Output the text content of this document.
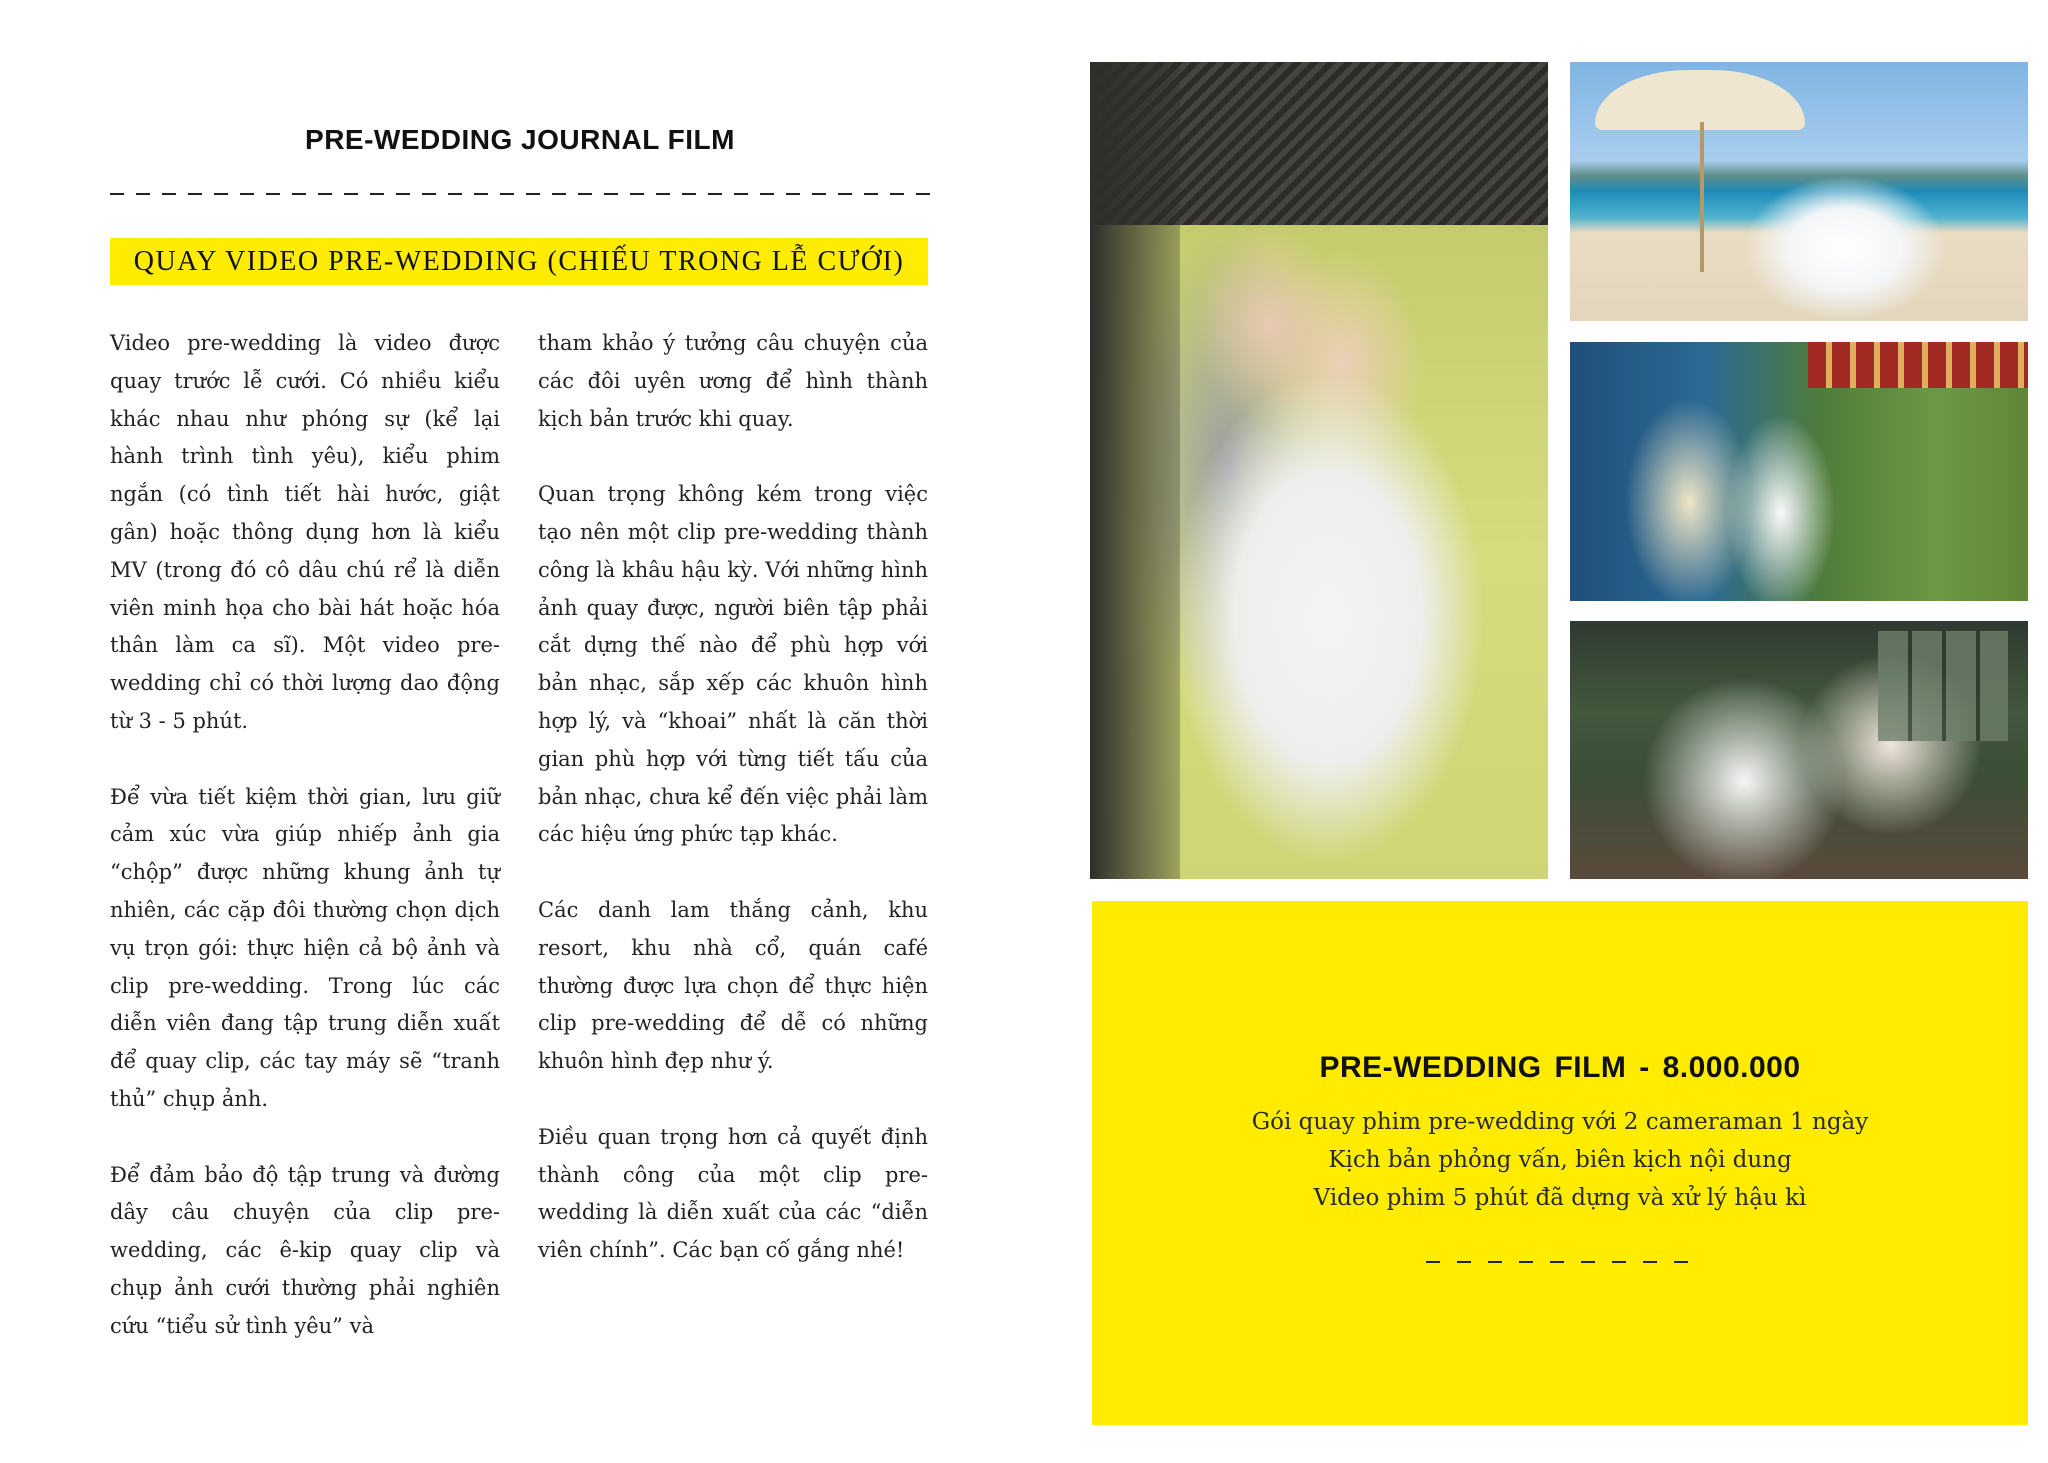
PRE-WEDDING JOURNAL FILM
QUAY VIDEO PRE-WEDDING (CHIẾU TRONG LỄ CƯỚI)

Video pre-wedding là video được quay trước lễ cưới. Có nhiều kiểu khác nhau như phóng sự (kể lại hành trình tình yêu), kiểu phim ngắn (có tình tiết hài hước, giật gân) hoặc thông dụng hơn là kiểu MV (trong đó cô dâu chú rể là diễn viên minh họa cho bài hát hoặc hóa thân làm ca sĩ). Một video pre-wedding chỉ có thời lượng dao động từ 3 - 5 phút.

Để vừa tiết kiệm thời gian, lưu giữ cảm xúc vừa giúp nhiếp ảnh gia “chộp” được những khung ảnh tự nhiên, các cặp đôi thường chọn dịch vụ trọn gói: thực hiện cả bộ ảnh và clip pre-wedding. Trong lúc các diễn viên đang tập trung diễn xuất để quay clip, các tay máy sẽ “tranh thủ” chụp ảnh.

Để đảm bảo độ tập trung và đường dây câu chuyện của clip pre-wedding, các ê-kip quay clip và chụp ảnh cưới thường phải nghiên cứu “tiểu sử tình yêu” và

tham khảo ý tưởng câu chuyện của các đôi uyên ương để hình thành kịch bản trước khi quay.

Quan trọng không kém trong việc tạo nên một clip pre-wedding thành công là khâu hậu kỳ. Với những hình ảnh quay được, người biên tập phải cắt dựng thế nào để phù hợp với bản nhạc, sắp xếp các khuôn hình hợp lý, và “khoai” nhất là căn thời gian phù hợp với từng tiết tấu của bản nhạc, chưa kể đến việc phải làm các hiệu ứng phức tạp khác.

Các danh lam thắng cảnh, khu resort, khu nhà cổ, quán café thường được lựa chọn để thực hiện clip pre-wedding để dễ có những khuôn hình đẹp như ý.

Điều quan trọng hơn cả quyết định thành công của một clip pre-wedding là diễn xuất của các “diễn viên chính”. Các bạn cố gắng nhé!

PRE-WEDDING FILM - 8.000.000
Gói quay phim pre-wedding với 2 cameraman 1 ngày
Kịch bản phỏng vấn, biên kịch nội dung
Video phim 5 phút đã dựng và xử lý hậu kì
